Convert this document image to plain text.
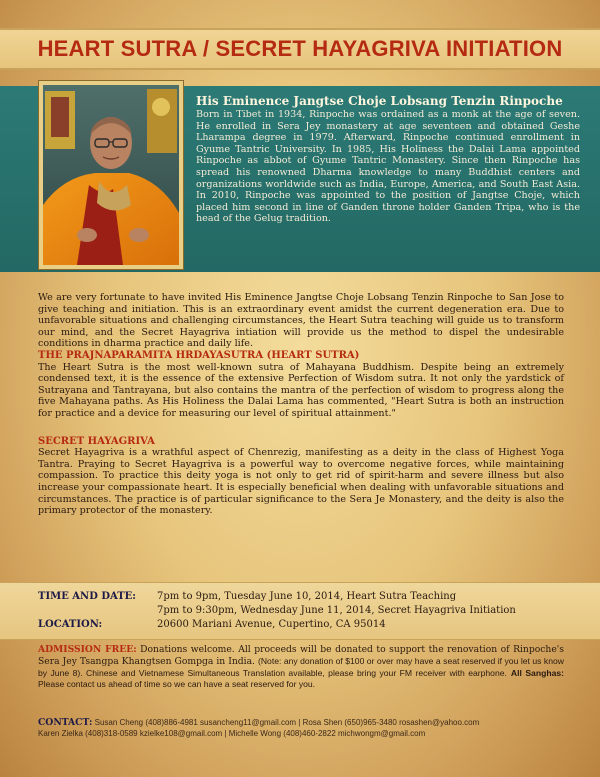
HEART SUTRA / SECRET HAYAGRIVA INITIATION
His Eminence Jangtse Choje Lobsang Tenzin Rinpoche
Born in Tibet in 1934, Rinpoche was ordained as a monk at the age of seven. He enrolled in Sera Jey monastery at age seventeen and obtained Geshe Lharampa degree in 1979. Afterward, Rinpoche continued enrollment in Gyume Tantric University. In 1985, His Holiness the Dalai Lama appointed Rinpoche as abbot of Gyume Tantric Monastery. Since then Rinpoche has spread his renowned Dharma knowledge to many Buddhist centers and organizations worldwide such as India, Europe, America, and South East Asia. In 2010, Rinpoche was appointed to the position of Jangtse Choje, which placed him second in line of Ganden throne holder Ganden Tripa, who is the head of the Gelug tradition.

We are very fortunate to have invited His Eminence Jangtse Choje Lobsang Tenzin Rinpoche to San Jose to give teaching and initiation. This is an extraordinary event amidst the current degeneration era. Due to unfavorable situations and challenging circumstances, the Heart Sutra teaching will guide us to transform our mind, and the Secret Hayagriva intiation will provide us the method to dispel the undesirable conditions in dharma practice and daily life.

THE PRAJNAPARAMITA HRDAYASUTRA (HEART SUTRA)

The Heart Sutra is the most well-known sutra of Mahayana Buddhism. Despite being an extremely condensed text, it is the essence of the extensive Perfection of Wisdom sutra. It not only the yardstick of Sutrayana and Tantrayana, but also contains the mantra of the perfection of wisdom to progress along the five Mahayana paths. As His Holiness the Dalai Lama has commented, "Heart Sutra is both an instruction for practice and a device for measuring our level of spiritual attainment."

SECRET HAYAGRIVA

Secret Hayagriva is a wrathful aspect of Chenrezig, manifesting as a deity in the class of Highest Yoga Tantra. Praying to Secret Hayagriva is a powerful way to overcome negative forces, while maintaining compassion. To practice this deity yoga is not only to get rid of spirit-harm and severe illness but also increase your compassionate heart. It is especially beneficial when dealing with unfavorable situations and circumstances. The practice is of particular significance to the Sera Je Monastery, and the deity is also the primary protector of the monastery.

TIME AND DATE: 7pm to 9pm, Tuesday June 10, 2014, Heart Sutra Teaching
7pm to 9:30pm, Wednesday June 11, 2014, Secret Hayagriva Initiation
LOCATION:	20600 Mariani Avenue, Cupertino, CA 95014
ADMISSION FREE: Donations welcome. All proceeds will be donated to support the renovation of Rinpoche's Sera Jey Tsangpa Khangtsen Gompga in India. (Note: any donation of $100 or over may have a seat reserved if you let us know by June 8). Chinese and Vietnamese Simultaneous Translation available, please bring your FM receiver with earphone. All Sanghas: Please contact us ahead of time so we can have a seat reserved for you.
CONTACT: Susan Cheng (408)886-4981 susancheng11@gmail.com | Rosa Shen (650)965-3480 rosashen@yahoo.com
Karen Zielka (408)318-0589 kzielke108@gmail.com | Michelle Wong (408)460-2822 michwongm@gmail.com
